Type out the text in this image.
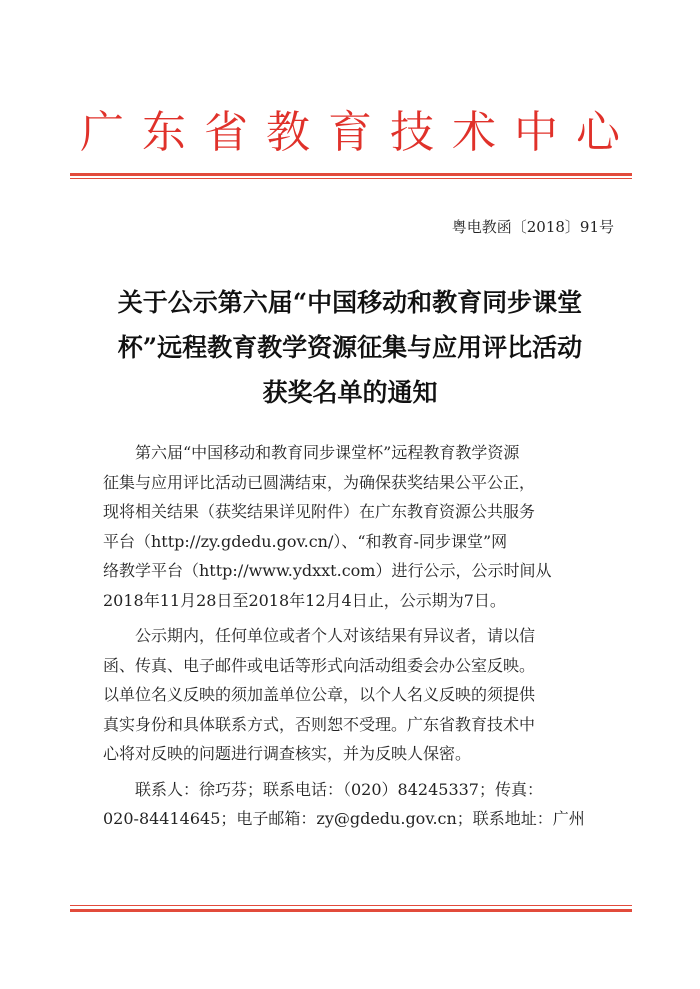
广东省教育技术中心
粤电教函〔2018〕91号
关于公示第六届“中国移动和教育同步课堂
杯”远程教育教学资源征集与应用评比活动
获奖名单的通知

第六届“中国移动和教育同步课堂杯”远程教育教学资源
征集与应用评比活动已圆满结束，为确保获奖结果公平公正，
现将相关结果（获奖结果详见附件）在广东教育资源公共服务
平台（http://zy.gdedu.gov.cn/）、“和教育-同步课堂”网
络教学平台（http://www.ydxxt.com）进行公示，公示时间从
2018年11月28日至2018年12月4日止，公示期为7日。

公示期内，任何单位或者个人对该结果有异议者，请以信
函、传真、电子邮件或电话等形式向活动组委会办公室反映。
以单位名义反映的须加盖单位公章，以个人名义反映的须提供
真实身份和具体联系方式，否则恕不受理。广东省教育技术中
心将对反映的问题进行调查核实，并为反映人保密。

联系人：徐巧芬；联系电话：（020）84245337；传真：
020-84414645；电子邮箱：zy@gdedu.gov.cn；联系地址：广州
